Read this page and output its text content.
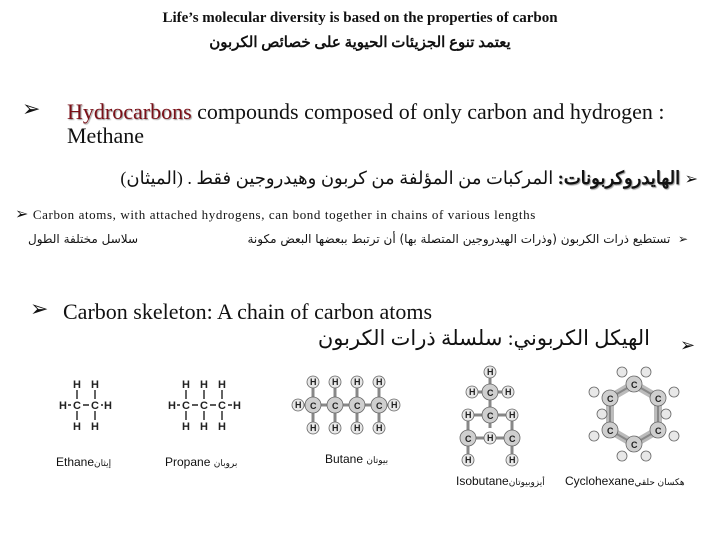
Life’s molecular diversity is based on the properties of carbon
يعتمد تنوع الجزيئات الحيوية على خصائص الكربون
➢ Hydrocarbons compounds composed of only carbon and hydrogen : Methane
➢ الهايدروكربونات: المركبات من المؤلفة من كربون وهيدروجين فقط . (الميثان)
➢ Carbon atoms, with attached hydrogens, can bond together in chains of various lengths
➢  تستطيع ذرات الكربون (وذرات الهيدروجين المتصلة بها) أن ترتبط ببعضها البعض مكونة
سلاسل مختلفة الطول
➢ Carbon skeleton: A chain of carbon atoms
الهيكل الكربوني: سلسلة ذرات الكربون ➢
C C
H	H
H H
H H
H C C C H
H H H
H H H
C C C C
H	H
H H H H
H H H H
C
C
C	C
H
H	H
H	H
H	H
H
C
C
C
C
C
C
Ethaneإيثان	Propane بروبان	Butane بيوتان
Isobutaneأيزوبيوتان Cyclohexaneهكسان حلقي
